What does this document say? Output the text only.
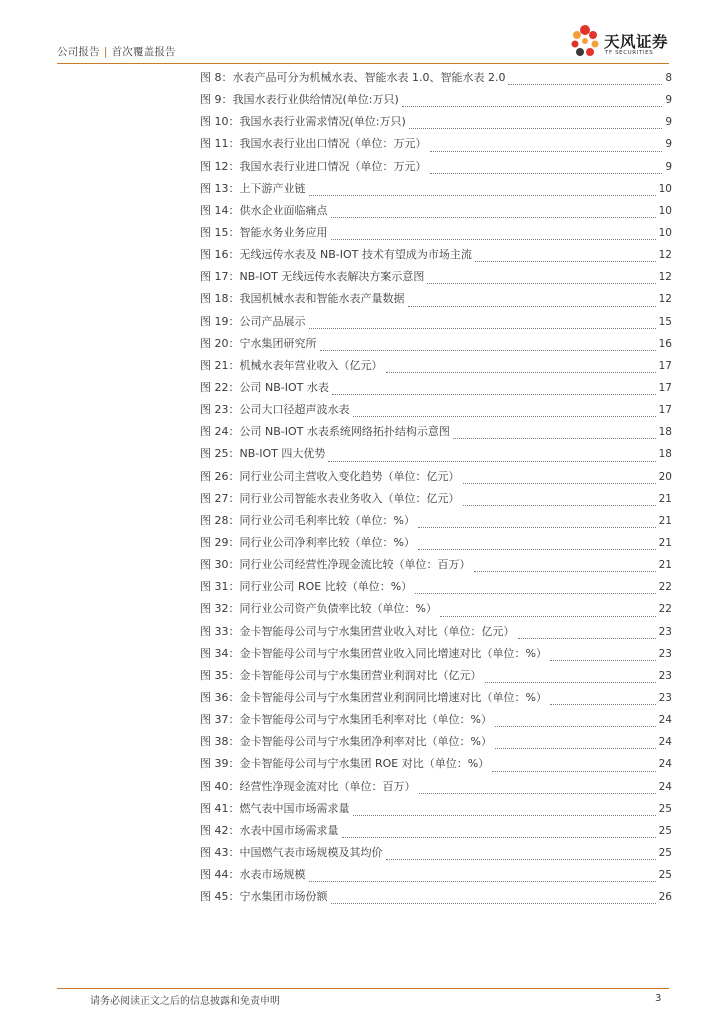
公司报告 | 首次覆盖报告
天风证券
TF SECURITIES
图 8： 水表产品可分为机械水表、智能水表 1.0、智能水表 2.0	8
图 9： 我国水表行业供给情况(单位:万只)	9
图 10： 我国水表行业需求情况(单位:万只)	9
图 11： 我国水表行业出口情况（单位：万元）	9
图 12： 我国水表行业进口情况（单位：万元）	9
图 13： 上下游产业链	10
图 14： 供水企业面临痛点	10
图 15： 智能水务业务应用	10
图 16： 无线远传水表及 NB-IOT 技术有望成为市场主流	12
图 17： NB-IOT 无线远传水表解决方案示意图	12
图 18： 我国机械水表和智能水表产量数据	12
图 19： 公司产品展示	15
图 20： 宁水集团研究所	16
图 21： 机械水表年营业收入（亿元）	17
图 22： 公司 NB-IOT 水表	17
图 23： 公司大口径超声波水表	17
图 24： 公司 NB-IOT 水表系统网络拓扑结构示意图	18
图 25： NB-IOT 四大优势	18
图 26： 同行业公司主营收入变化趋势（单位：亿元）	20
图 27： 同行业公司智能水表业务收入（单位：亿元）	21
图 28： 同行业公司毛利率比较（单位：%）	21
图 29： 同行业公司净利率比较（单位：%）	21
图 30： 同行业公司经营性净现金流比较（单位：百万）	21
图 31： 同行业公司 ROE 比较（单位：%）	22
图 32： 同行业公司资产负债率比较（单位：%）	22
图 33： 金卡智能母公司与宁水集团营业收入对比（单位：亿元）	23
图 34： 金卡智能母公司与宁水集团营业收入同比增速对比（单位：%）	23
图 35： 金卡智能母公司与宁水集团营业利润对比（亿元）	23
图 36： 金卡智能母公司与宁水集团营业利润同比增速对比（单位：%）	23
图 37： 金卡智能母公司与宁水集团毛利率对比（单位：%）	24
图 38： 金卡智能母公司与宁水集团净利率对比（单位：%）	24
图 39： 金卡智能母公司与宁水集团 ROE 对比（单位：%）	24
图 40： 经营性净现金流对比（单位：百万）	24
图 41： 燃气表中国市场需求量	25
图 42： 水表中国市场需求量	25
图 43： 中国燃气表市场规模及其均价	25
图 44： 水表市场规模	25
图 45： 宁水集团市场份额	26
请务必阅读正文之后的信息披露和免责申明	3
